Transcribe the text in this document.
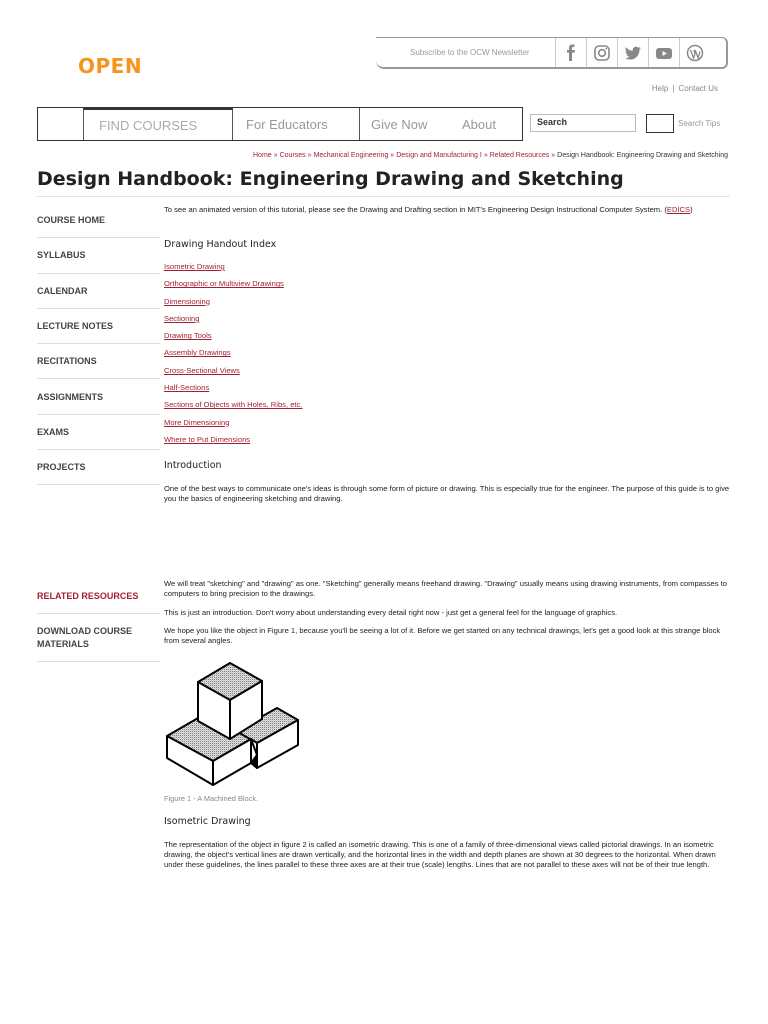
OPEN
Subscribe to the OCW Newsletter
Help | Contact Us
FIND COURSES	For Educators	Give Now	About	Search	Search Tips
Home » Courses » Mechanical Engineering » Design and Manufacturing I » Related Resources » Design Handbook: Engineering Drawing and Sketching
Design Handbook: Engineering Drawing and Sketching
COURSE HOME
SYLLABUS
CALENDAR
LECTURE NOTES
RECITATIONS
ASSIGNMENTS
EXAMS
PROJECTS
RELATED RESOURCES
DOWNLOAD COURSE MATERIALS

To see an animated version of this tutorial, please see the Drawing and Drafting section in MIT's Engineering Design Instructional Computer System. (EDICS)

Drawing Handout Index
Isometric Drawing
Orthographic or Multiview Drawings
Dimensioning
Sectioning
Drawing Tools
Assembly Drawings
Cross-Sectional Views
Half-Sections
Sections of Objects with Holes, Ribs, etc.
More Dimensioning
Where to Put Dimensions
Introduction

One of the best ways to communicate one's ideas is through some form of picture or drawing. This is especially true for the engineer. The purpose of this guide is to give you the basics of engineering sketching and drawing.

We will treat "sketching" and "drawing" as one. "Sketching" generally means freehand drawing. "Drawing" usually means using drawing instruments, from compasses to computers to bring precision to the drawings.

This is just an introduction. Don't worry about understanding every detail right now - just get a general feel for the language of graphics.

We hope you like the object in Figure 1, because you'll be seeing a lot of it. Before we get started on any technical drawings, let's get a good look at this strange block from several angles.

Figure 1 - A Machined Block.
Isometric Drawing

The representation of the object in figure 2 is called an isometric drawing. This is one of a family of three-dimensional views called pictorial drawings. In an isometric drawing, the object's vertical lines are drawn vertically, and the horizontal lines in the width and depth planes are shown at 30 degrees to the horizontal. When drawn under these guidelines, the lines parallel to these three axes are at their true (scale) lengths. Lines that are not parallel to these axes will not be of their true length.
